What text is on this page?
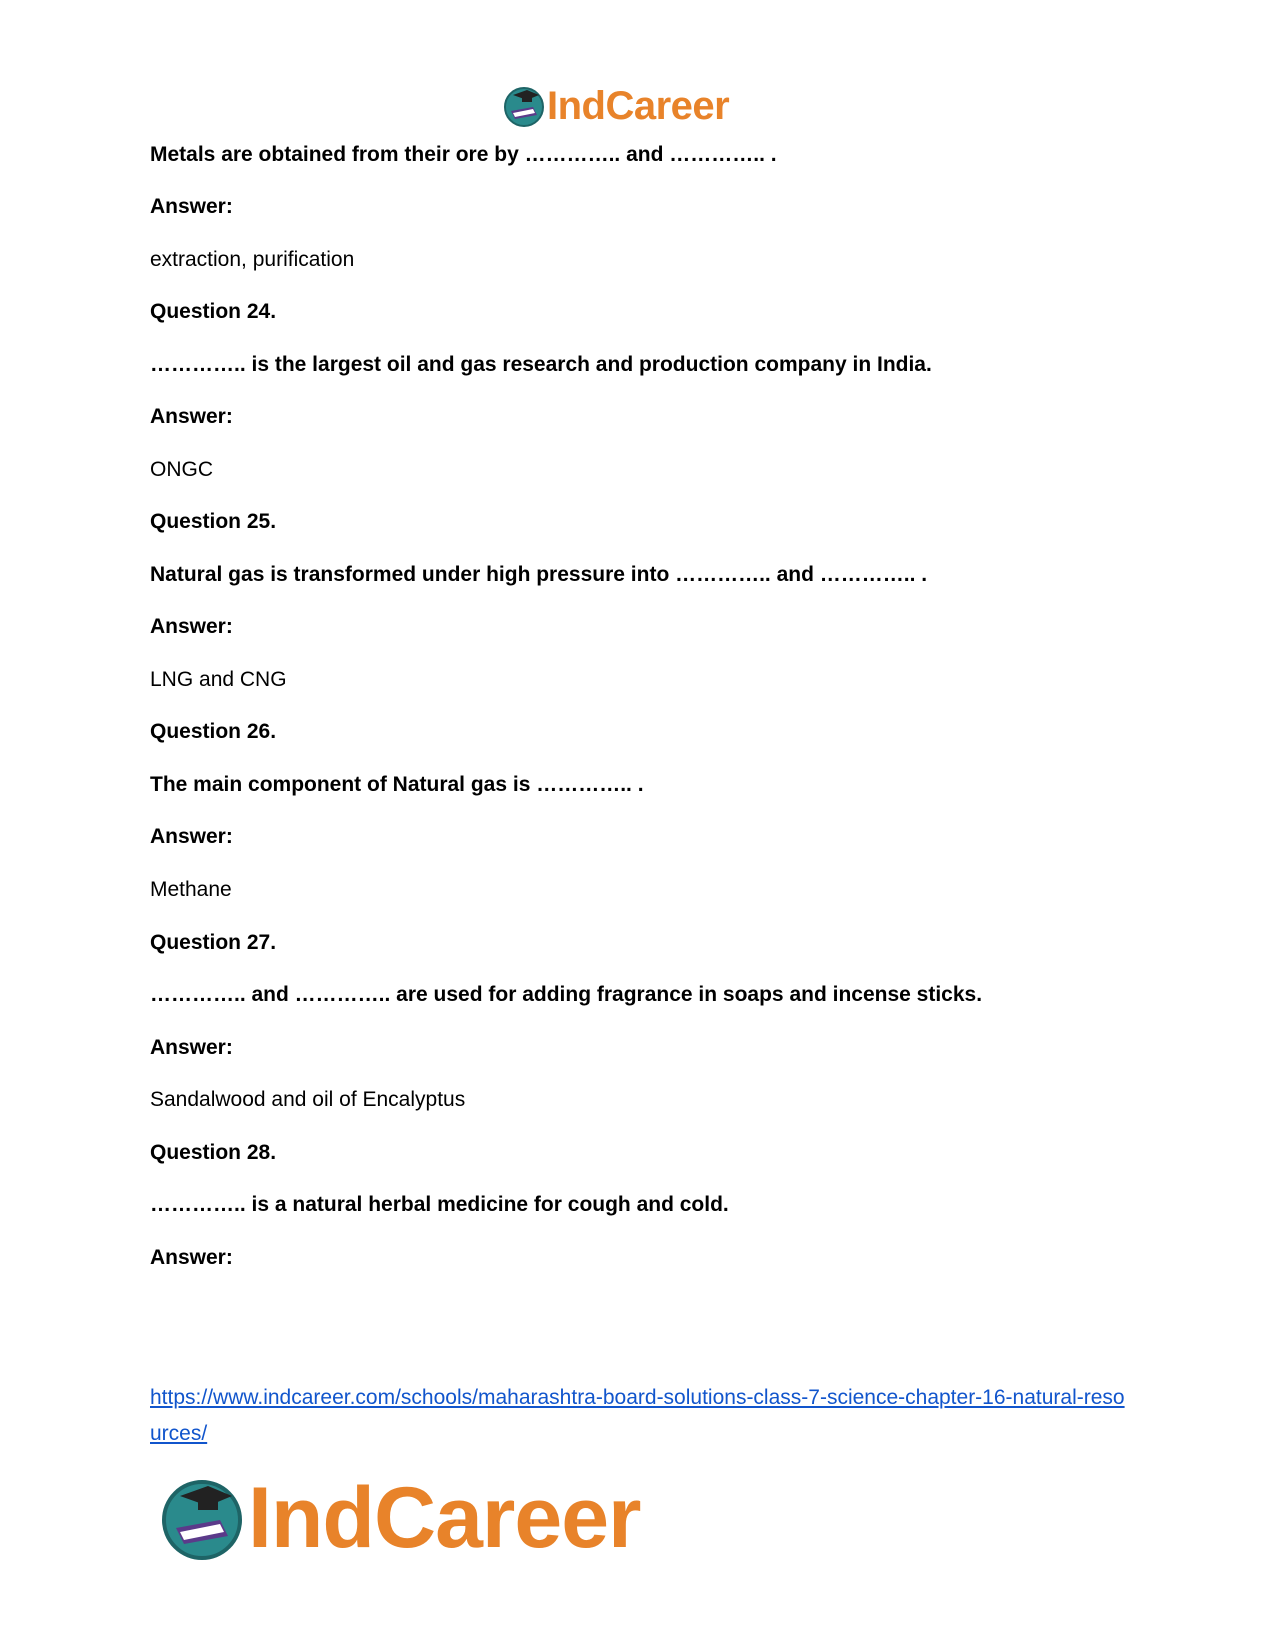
IndCareer
Metals are obtained from their ore by ………….. and ………….. .
Answer:
extraction, purification
Question 24.
………….. is the largest oil and gas research and production company in India.
Answer:
ONGC
Question 25.
Natural gas is transformed under high pressure into ………….. and ………….. .
Answer:
LNG and CNG
Question 26.
The main component of Natural gas is ………….. .
Answer:
Methane
Question 27.
………….. and ………….. are used for adding fragrance in soaps and incense sticks.
Answer:
Sandalwood and oil of Encalyptus
Question 28.
………….. is a natural herbal medicine for cough and cold.
Answer:
https://www.indcareer.com/schools/maharashtra-board-solutions-class-7-science-chapter-16-natural-resources/
IndCareer
